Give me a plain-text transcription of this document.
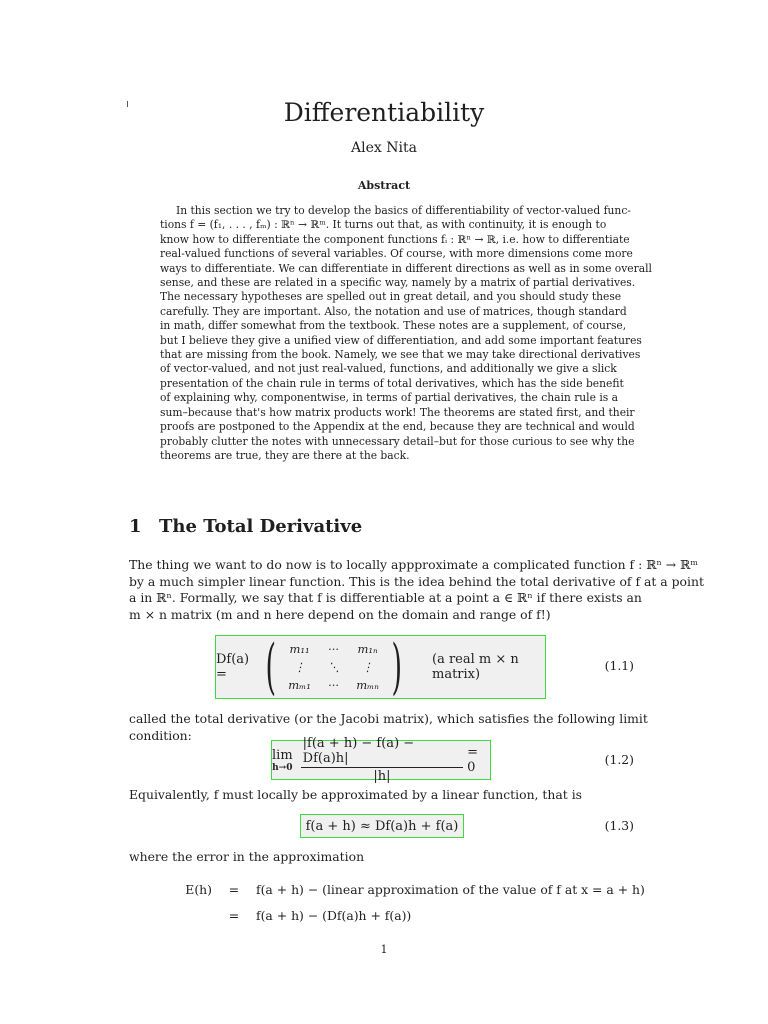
Differentiability
Alex Nita
Abstract
In this section we try to develop the basics of differentiability of vector-valued func-
tions f = (f₁, . . . , fₘ) : ℝⁿ → ℝᵐ. It turns out that, as with continuity, it is enough to
know how to differentiate the component functions fᵢ : ℝⁿ → ℝ, i.e. how to differentiate
real-valued functions of several variables. Of course, with more dimensions come more
ways to differentiate. We can differentiate in different directions as well as in some overall
sense, and these are related in a specific way, namely by a matrix of partial derivatives.
The necessary hypotheses are spelled out in great detail, and you should study these
carefully. They are important. Also, the notation and use of matrices, though standard
in math, differ somewhat from the textbook. These notes are a supplement, of course,
but I believe they give a unified view of differentiation, and add some important features
that are missing from the book. Namely, we see that we may take directional derivatives
of vector-valued, and not just real-valued, functions, and additionally we give a slick
presentation of the chain rule in terms of total derivatives, which has the side benefit
of explaining why, componentwise, in terms of partial derivatives, the chain rule is a
sum–because that's how matrix products work! The theorems are stated first, and their
proofs are postponed to the Appendix at the end, because they are technical and would
probably clutter the notes with unnecessary detail–but for those curious to see why the
theorems are true, they are there at the back.
1 The Total Derivative
The thing we want to do now is to locally appproximate a complicated function f : ℝⁿ → ℝᵐ
by a much simpler linear function. This is the idea behind the total derivative of f at a point
a in ℝⁿ. Formally, we say that f is differentiable at a point a ∈ ℝⁿ if there exists an
m × n matrix (m and n here depend on the domain and range of f!)
Df(a) = (	m₁₁	···	m₁ₙ
⋮	⋱	⋮
mₘ₁	···	mₘₙ ) (a real m × n matrix)
(1.1)
called the total derivative (or the Jacobi matrix), which satisfies the following limit
condition:
lim
$h\to 0 \frac{|f(a + h) - f(a) - Df(a)h|}{|h|} = 0$
(1.2)
Equivalently, f must locally be approximated by a linear function, that is
f(a + h) ≈ Df(a)h + f(a)	(1.3)
where the error in the approximation
E(h)	=	f(a + h) − (linear approximation of the value of f at x = a + h)
=	f(a + h) − (Df(a)h + f(a))
1
